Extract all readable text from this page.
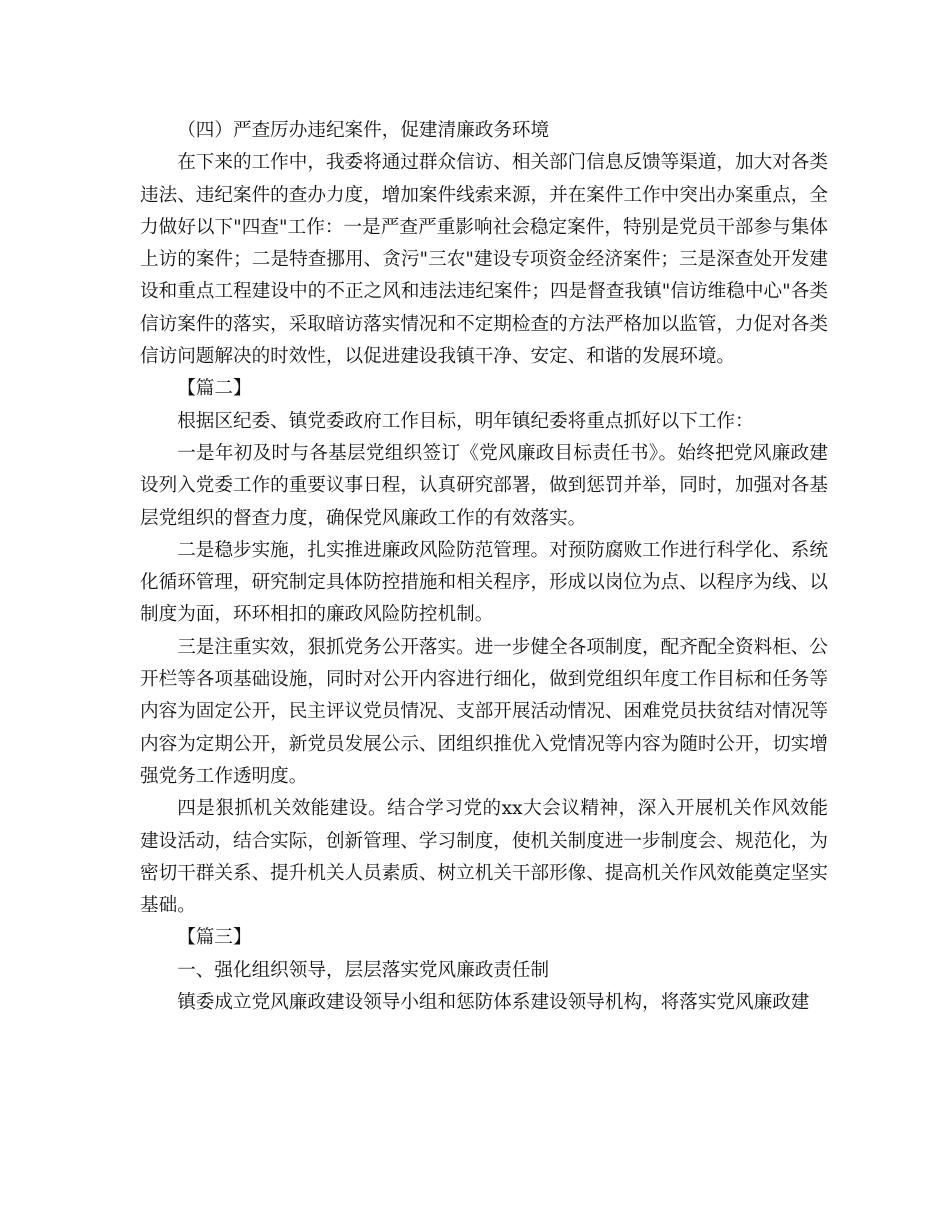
（四）严查厉办违纪案件，促建清廉政务环境

在下来的工作中，我委将通过群众信访、相关部门信息反馈等渠道，加大对各类违法、违纪案件的查办力度，增加案件线索来源，并在案件工作中突出办案重点，全力做好以下"四查"工作：一是严查严重影响社会稳定案件，特别是党员干部参与集体上访的案件；二是特查挪用、贪污"三农"建设专项资金经济案件；三是深查处开发建设和重点工程建设中的不正之风和违法违纪案件；四是督查我镇"信访维稳中心"各类信访案件的落实，采取暗访落实情况和不定期检查的方法严格加以监管，力促对各类信访问题解决的时效性，以促进建设我镇干净、安定、和谐的发展环境。

【篇二】

根据区纪委、镇党委政府工作目标，明年镇纪委将重点抓好以下工作：

一是年初及时与各基层党组织签订《党风廉政目标责任书》。始终把党风廉政建设列入党委工作的重要议事日程，认真研究部署，做到惩罚并举，同时，加强对各基层党组织的督查力度，确保党风廉政工作的有效落实。

二是稳步实施，扎实推进廉政风险防范管理。对预防腐败工作进行科学化、系统化循环管理，研究制定具体防控措施和相关程序，形成以岗位为点、以程序为线、以制度为面，环环相扣的廉政风险防控机制。

三是注重实效，狠抓党务公开落实。进一步健全各项制度，配齐配全资料柜、公开栏等各项基础设施，同时对公开内容进行细化，做到党组织年度工作目标和任务等内容为固定公开，民主评议党员情况、支部开展活动情况、困难党员扶贫结对情况等内容为定期公开，新党员发展公示、团组织推优入党情况等内容为随时公开，切实增强党务工作透明度。

四是狠抓机关效能建设。结合学习党的xx大会议精神，深入开展机关作风效能建设活动，结合实际，创新管理、学习制度，使机关制度进一步制度会、规范化，为密切干群关系、提升机关人员素质、树立机关干部形像、提高机关作风效能奠定坚实基础。

【篇三】

一、强化组织领导，层层落实党风廉政责任制

镇委成立党风廉政建设领导小组和惩防体系建设领导机构，将落实党风廉政建
